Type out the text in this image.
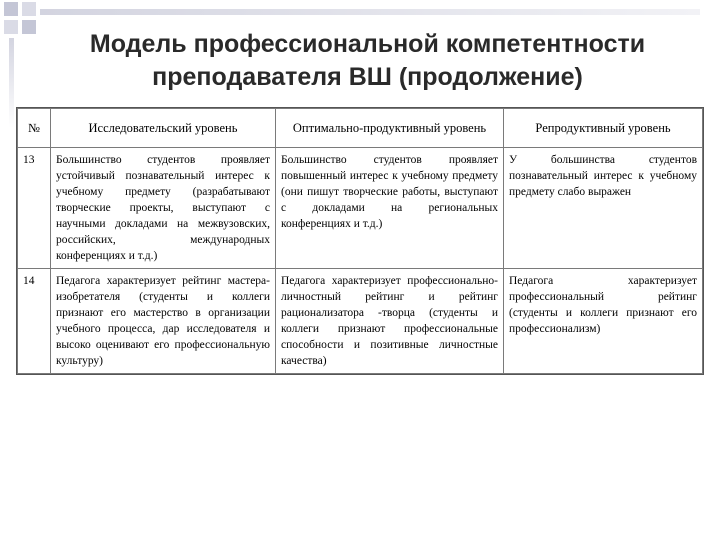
Модель профессиональной компетентности
преподавателя ВШ (продолжение)
№	Исследовательский уровень	Оптимально-продуктивный уровень	Репродуктивный уровень
13	Большинство студентов проявляет устойчивый познавательный интерес к учебному предмету (разрабатывают творческие проекты, выступают с научными докладами на межвузовских, российских, международных конференциях и т.д.)	Большинство студентов проявляет повышенный интерес к учебному предмету (они пишут творческие работы, выступают с докладами на региональных конференциях и т.д.)	У большинства студентов познавательный интерес к учебному предмету слабо выражен
14	Педагога характеризует рейтинг мастера-изобретателя (студенты и коллеги признают его мастерство в организации учебного процесса, дар исследователя и высоко оценивают его профессиональную культуру)	Педагога характеризует профессионально-личностный рейтинг и рейтинг рационализатора -творца (студенты и коллеги признают профессиональные способности и позитивные личностные качества)	Педагога характеризует профессиональный рейтинг (студенты и коллеги признают его профессионализм)
